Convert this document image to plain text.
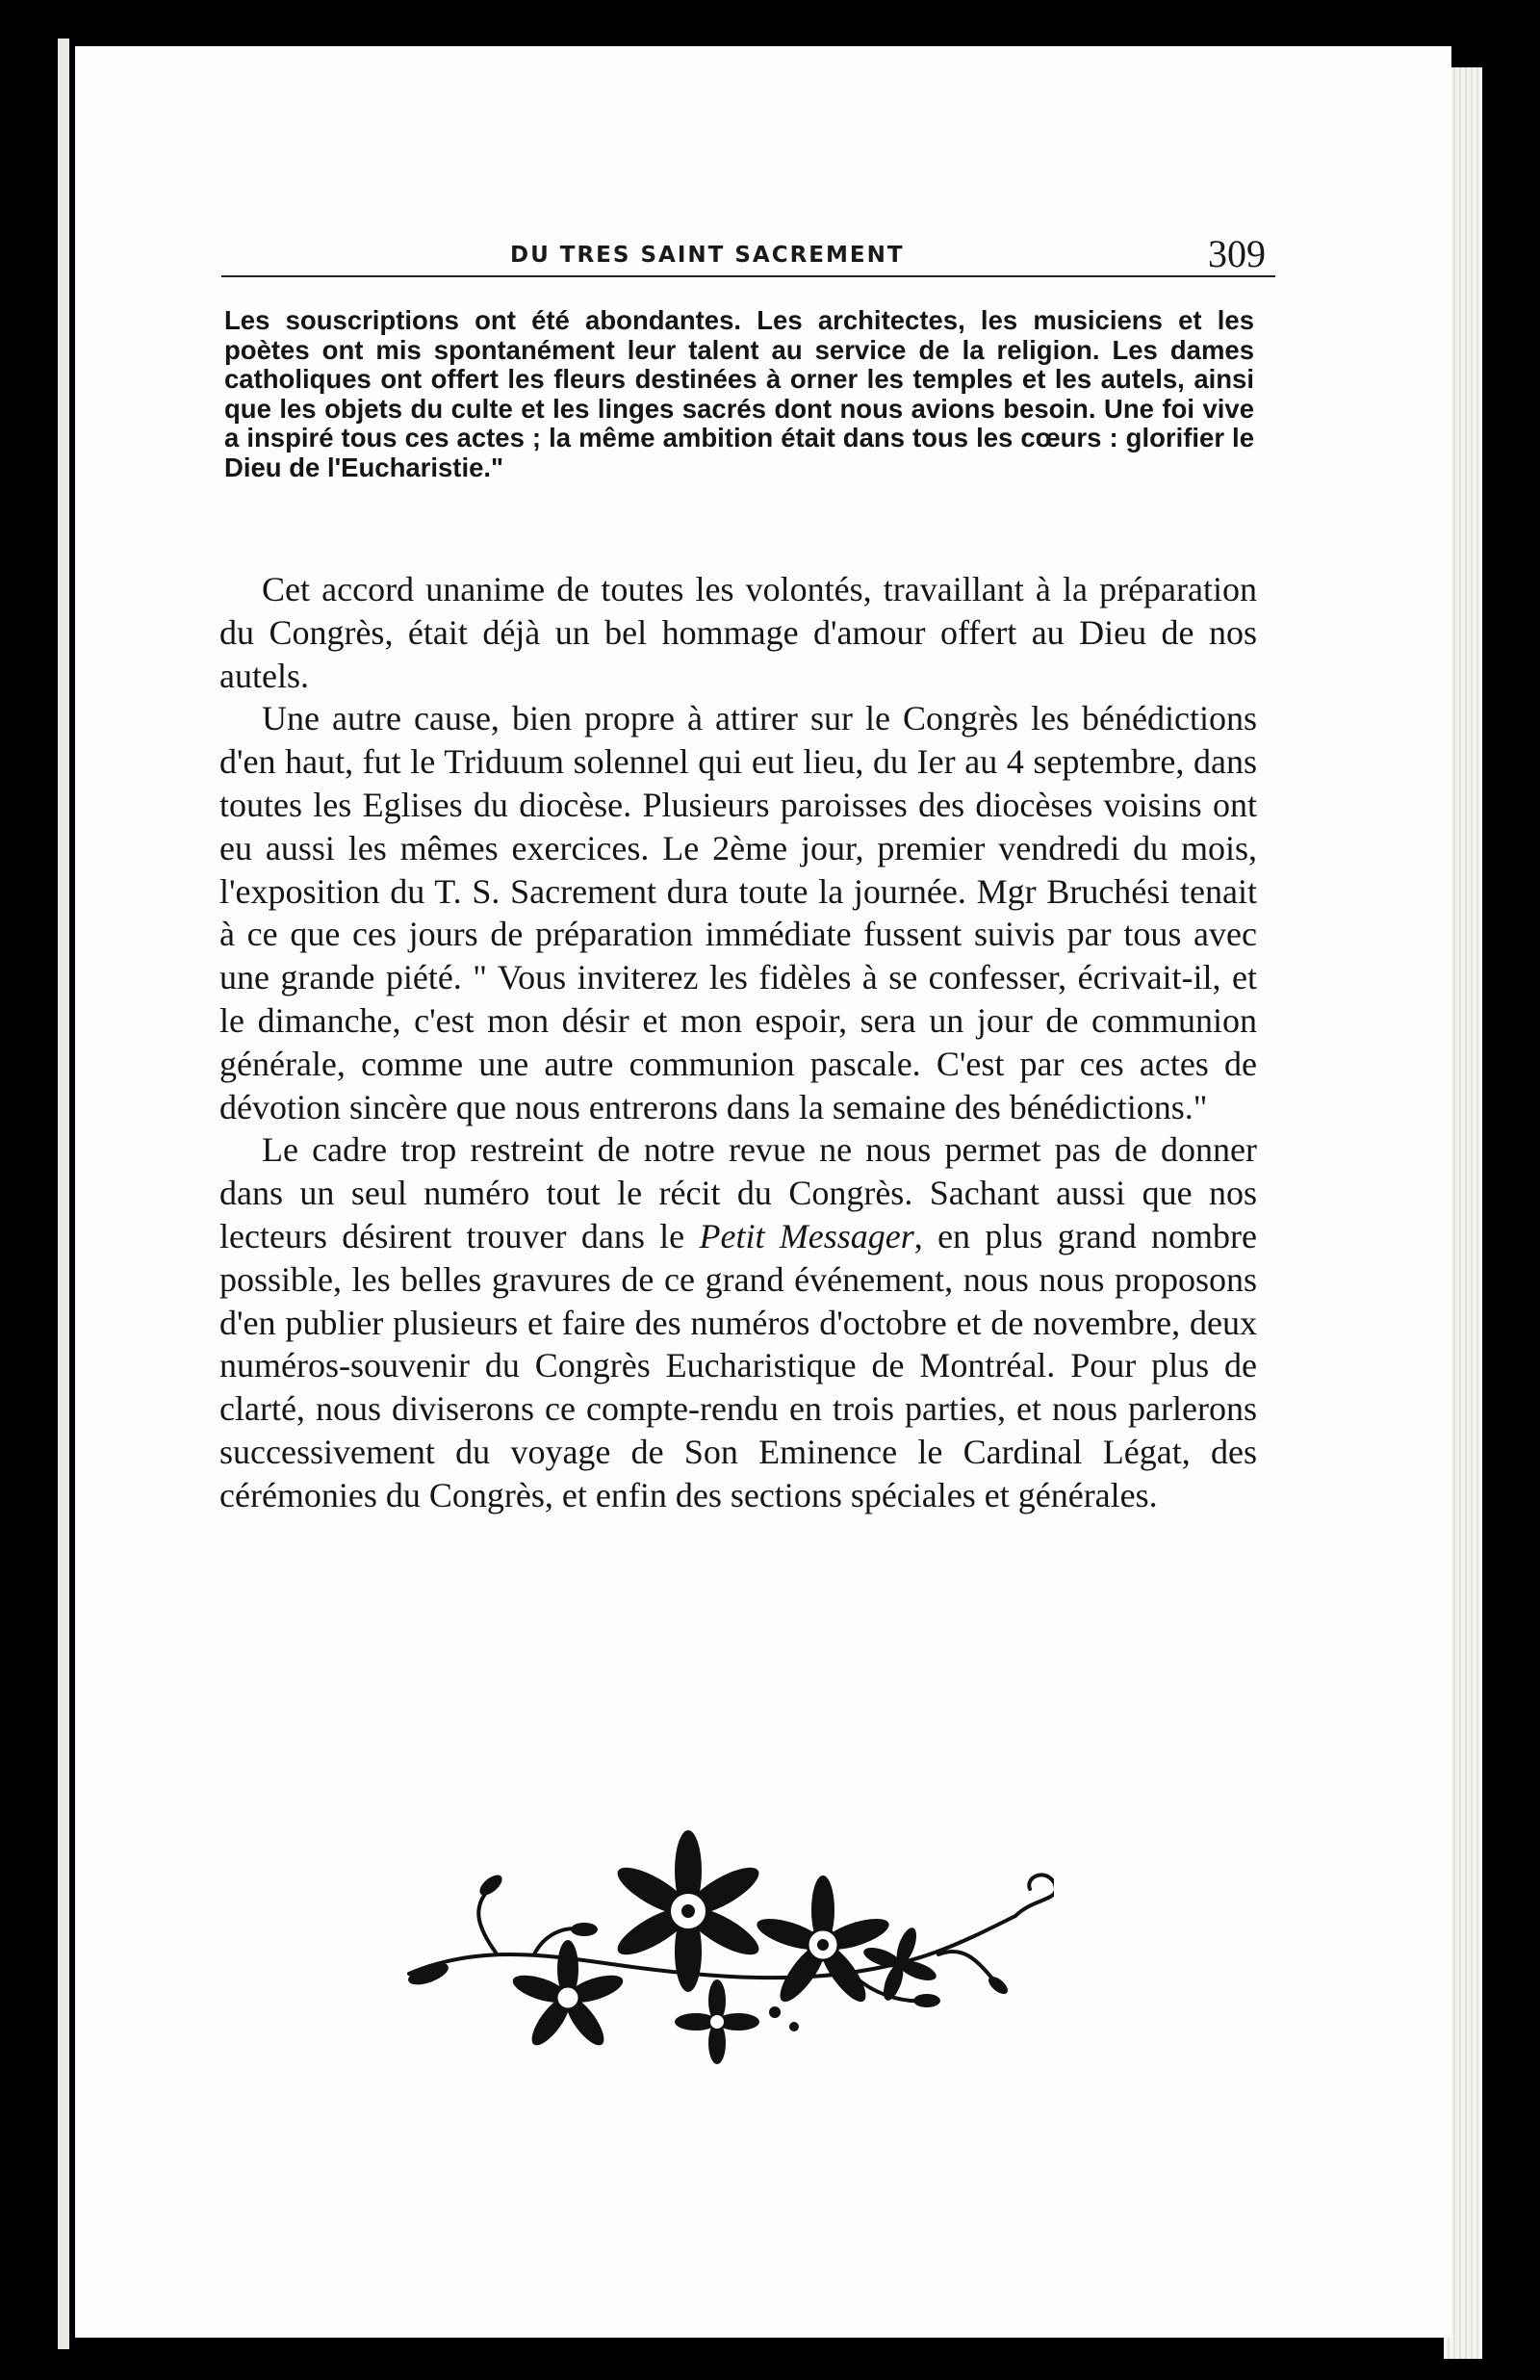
DU TRES SAINT SACREMENT	309

Les souscriptions ont été abondantes. Les architectes, les musiciens et les poètes ont mis spontanément leur talent au service de la religion. Les dames catholiques ont offert les fleurs destinées à orner les temples et les autels, ainsi que les objets du culte et les linges sacrés dont nous avions besoin. Une foi vive a inspiré tous ces actes ; la même ambition était dans tous les cœurs : glorifier le Dieu de l'Eucharistie."

Cet accord unanime de toutes les volontés, travaillant à la préparation du Congrès, était déjà un bel hommage d'amour offert au Dieu de nos autels.

Une autre cause, bien propre à attirer sur le Congrès les bénédictions d'en haut, fut le Triduum solennel qui eut lieu, du Ier au 4 septembre, dans toutes les Eglises du diocèse. Plusieurs paroisses des diocèses voisins ont eu aussi les mêmes exercices. Le 2ème jour, premier vendredi du mois, l'exposition du T. S. Sacrement dura toute la journée. Mgr Bruchési tenait à ce que ces jours de préparation immédiate fussent suivis par tous avec une grande piété. " Vous inviterez les fidèles à se confesser, écrivait-il, et le dimanche, c'est mon désir et mon espoir, sera un jour de communion générale, comme une autre communion pascale. C'est par ces actes de dévotion sincère que nous entrerons dans la semaine des bénédictions."

Le cadre trop restreint de notre revue ne nous permet pas de donner dans un seul numéro tout le récit du Congrès. Sachant aussi que nos lecteurs désirent trouver dans le Petit Messager, en plus grand nombre possible, les belles gravures de ce grand événement, nous nous proposons d'en publier plusieurs et faire des numéros d'octobre et de novembre, deux numéros-souvenir du Congrès Eucharistique de Montréal. Pour plus de clarté, nous diviserons ce compte-rendu en trois parties, et nous parlerons successivement du voyage de Son Eminence le Cardinal Légat, des cérémonies du Congrès, et enfin des sections spéciales et générales.
